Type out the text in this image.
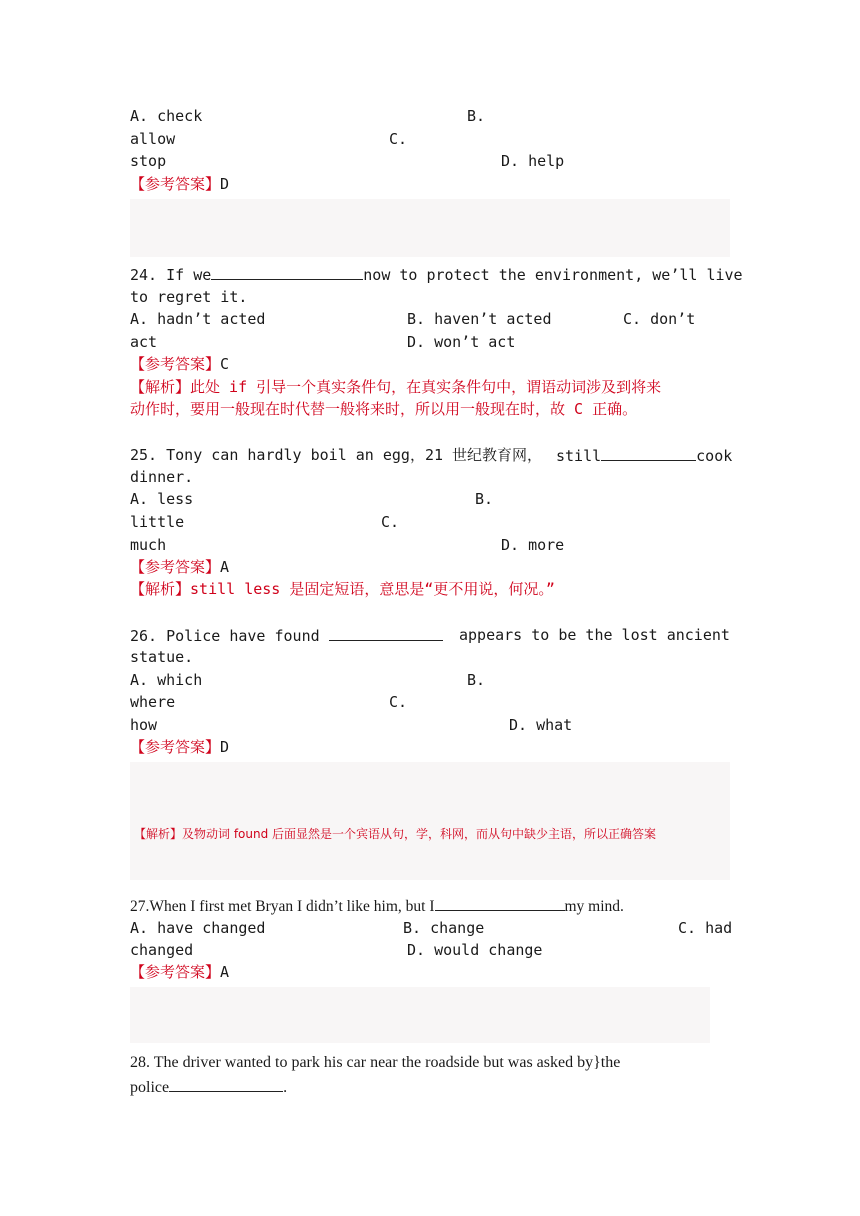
A. check	B.
allow	C.
stop	D. help
【参考答案】D

24. If we	now to protect the environment, we’ll live
to regret it.
A. hadn’t acted	B. haven’t acted	C. don’t
act	D. won’t act
【参考答案】C
【解析】此处 if 引导一个真实条件句，在真实条件句中，谓语动词涉及到将来
动作时，要用一般现在时代替一般将来时，所以用一般现在时，故 C 正确。
25. Tony can hardly boil an egg，21 世纪教育网， still	cook
dinner.
A. less	B.
little	C.
much	D. more
【参考答案】A
【解析】still less 是固定短语，意思是“更不用说，何况。”
26. Police have found	appears to be the lost ancient
statue.
A. which	B.
where	C.
how	D. what
【参考答案】D

【解析】及物动词 found 后面显然是一个宾语从句，学，科网，而从句中缺少主语，所以正确答案

27.When I first met Bryan I didn’t like him, but I	my mind.
A. have changed	B. change	C. had
changed	D. would change
【参考答案】A

28. The driver wanted to park his car near the roadside but was asked by}the
police	.
